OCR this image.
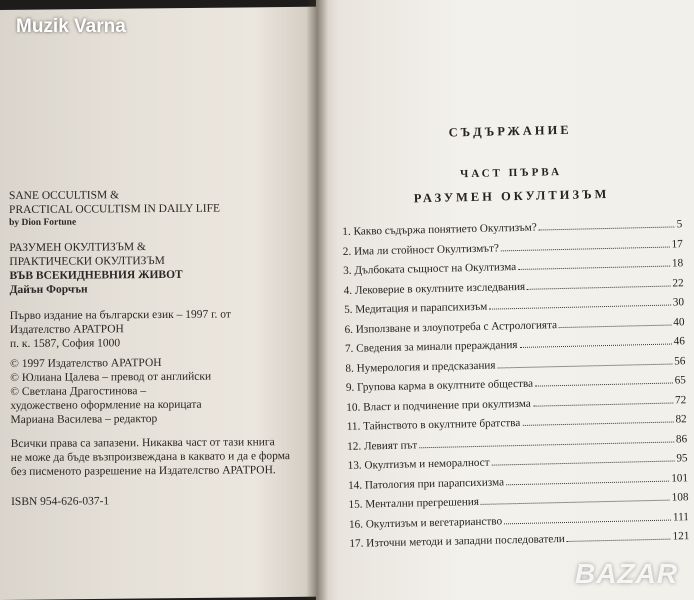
Muzik Varna
BAZAR

SANE OCCULTISM &

PRACTICAL OCCULTISM IN DAILY LIFE

by Dion Fortune

РАЗУМЕН ОКУЛТИЗЪМ &

ПРАКТИЧЕСКИ ОКУЛТИЗЪМ

ВЪВ ВСЕКИДНЕВНИЯ ЖИВОТ

Дайън Форчън

Първо издание на български език – 1997 г. от

Издателство АРАТРОН

п. к. 1587, София 1000

© 1997 Издателство АРАТРОН

© Юлиана Цалева – превод от английски

© Светлана Драгостинова –

художествено оформление на корицата

Мариана Василева – редактор

Всички права са запазени. Никаква част от тази книга

не може да бъде възпроизвеждана в каквато и да е форма

без писменото разрешение на Издателство АРАТРОН.

ISBN 954-626-037-1

СЪДЪРЖАНИЕ
ЧАСТ ПЪРВА
РАЗУМЕН ОКУЛТИЗЪМ
1. Какво съдържа понятието Окултизъм?	5
2. Има ли стойност Окултизмът?	17
3. Дълбоката същност на Окултизма	18
4. Лековерие в окултните изследвания	22
5. Медитация и парапсихизъм	30
6. Използване и злоупотреба с Астрологията	40
7. Сведения за минали прераждания	46
8. Нумерология и предсказания	56
9. Групова карма в окултните общества	65
10. Власт и подчинение при окултизма	72
11. Тайнството в окултните братства	82
12. Левият път	86
13. Окултизъм и неморалност	95
14. Патология при парапсихизма	101
15. Ментални прегрешения	108
16. Окултизъм и вегетарианство	111
17. Източни методи и западни последователи	121
